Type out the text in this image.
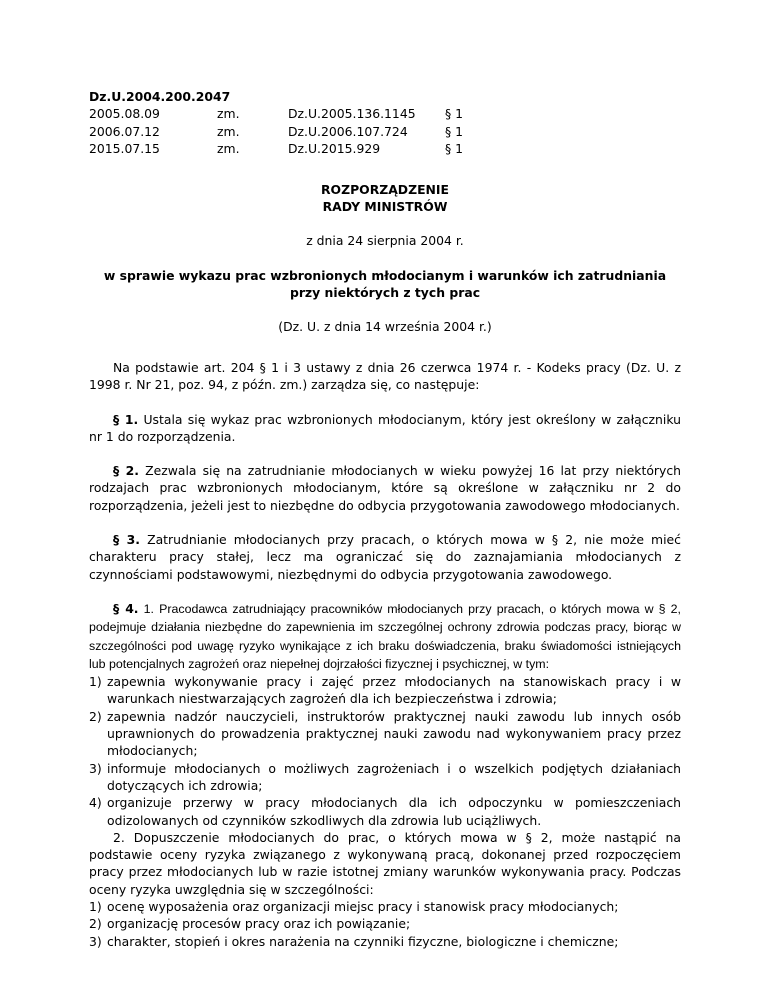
Dz.U.2004.200.2047
2005.08.09	zm.	Dz.U.2005.136.1145	§ 1
2006.07.12	zm.	Dz.U.2006.107.724	§ 1
2015.07.15	zm.	Dz.U.2015.929	§ 1
ROZPORZĄDZENIE
RADY MINISTRÓW
z dnia 24 sierpnia 2004 r.
w sprawie wykazu prac wzbronionych młodocianym i warunków ich zatrudniania
przy niektórych z tych prac
(Dz. U. z dnia 14 września 2004 r.)
Na podstawie art. 204 § 1 i 3 ustawy z dnia 26 czerwca 1974 r. - Kodeks pracy (Dz. U. z 1998 r. Nr 21, poz. 94, z późn. zm.) zarządza się, co następuje:
§ 1. Ustala się wykaz prac wzbronionych młodocianym, który jest określony w załączniku nr 1 do rozporządzenia.
§ 2. Zezwala się na zatrudnianie młodocianych w wieku powyżej 16 lat przy niektórych rodzajach prac wzbronionych młodocianym, które są określone w załączniku nr 2 do rozporządzenia, jeżeli jest to niezbędne do odbycia przygotowania zawodowego młodocianych.
§ 3. Zatrudnianie młodocianych przy pracach, o których mowa w § 2, nie może mieć charakteru pracy stałej, lecz ma ograniczać się do zaznajamiania młodocianych z czynnościami podstawowymi, niezbędnymi do odbycia przygotowania zawodowego.
§ 4. 1. Pracodawca zatrudniający pracowników młodocianych przy pracach, o których mowa w § 2, podejmuje działania niezbędne do zapewnienia im szczególnej ochrony zdrowia podczas pracy, biorąc w szczególności pod uwagę ryzyko wynikające z ich braku doświadczenia, braku świadomości istniejących lub potencjalnych zagrożeń oraz niepełnej dojrzałości fizycznej i psychicznej, w tym:
1) zapewnia wykonywanie pracy i zajęć przez młodocianych na stanowiskach pracy i w warunkach niestwarzających zagrożeń dla ich bezpieczeństwa i zdrowia;
2) zapewnia nadzór nauczycieli, instruktorów praktycznej nauki zawodu lub innych osób uprawnionych do prowadzenia praktycznej nauki zawodu nad wykonywaniem pracy przez młodocianych;
3) informuje młodocianych o możliwych zagrożeniach i o wszelkich podjętych działaniach dotyczących ich zdrowia;
4) organizuje przerwy w pracy młodocianych dla ich odpoczynku w pomieszczeniach odizolowanych od czynników szkodliwych dla zdrowia lub uciążliwych.
2. Dopuszczenie młodocianych do prac, o których mowa w § 2, może nastąpić na podstawie oceny ryzyka związanego z wykonywaną pracą, dokonanej przed rozpoczęciem pracy przez młodocianych lub w razie istotnej zmiany warunków wykonywania pracy. Podczas oceny ryzyka uwzględnia się w szczególności:
1) ocenę wyposażenia oraz organizacji miejsc pracy i stanowisk pracy młodocianych;
2) organizację procesów pracy oraz ich powiązanie;
3) charakter, stopień i okres narażenia na czynniki fizyczne, biologiczne i chemiczne;
